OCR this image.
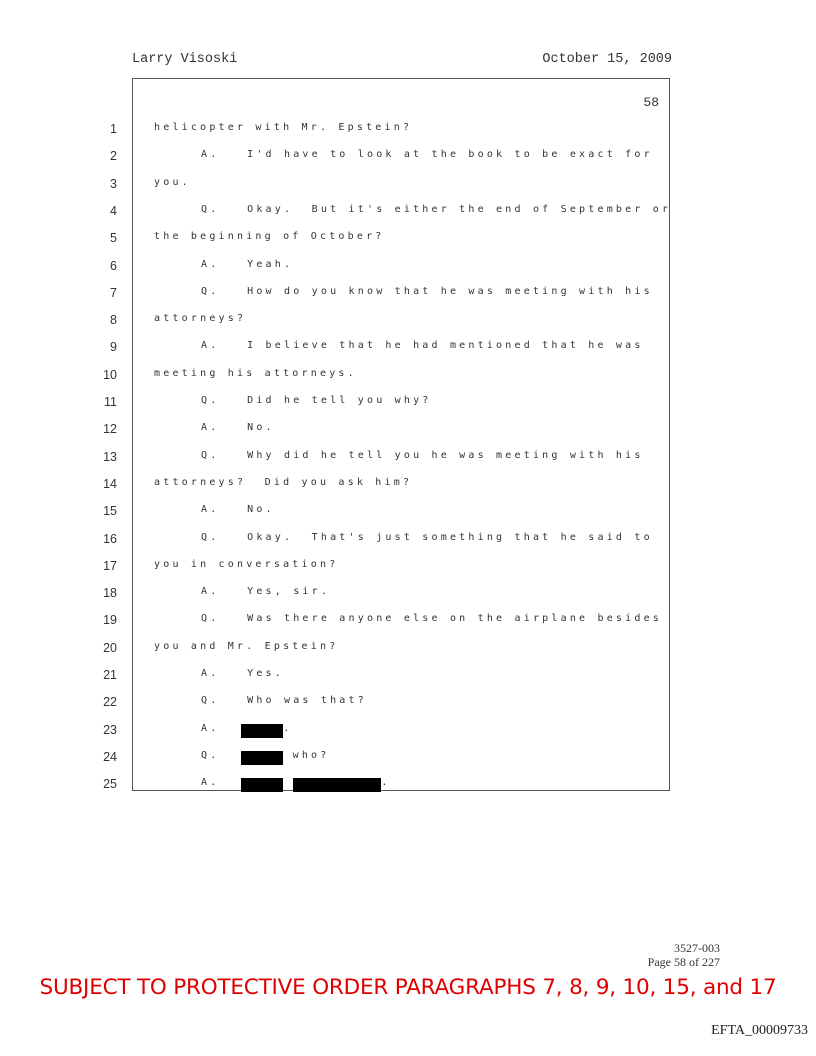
Larry Visoski	October 15, 2009
58
1	helicopter with Mr. Epstein?
2	A.   I'd have to look at the book to be exact for
3	you.
4	Q.   Okay.  But it's either the end of September or
5	the beginning of October?
6	A.   Yeah.
7	Q.   How do you know that he was meeting with his
8	attorneys?
9	A.   I believe that he had mentioned that he was
10	meeting his attorneys.
11	Q.   Did he tell you why?
12	A.   No.
13	Q.   Why did he tell you he was meeting with his
14	attorneys?  Did you ask him?
15	A.   No.
16	Q.   Okay.  That's just something that he said to
17	you in conversation?
18	A.   Yes, sir.
19	Q.   Was there anyone else on the airplane besides
20	you and Mr. Epstein?
21	A.   Yes.
22	Q.   Who was that?
23	A.	.
24	Q.	who?
25	A.	.
3527-003
Page 58 of 227
SUBJECT TO PROTECTIVE ORDER PARAGRAPHS 7, 8, 9, 10, 15, and 17
EFTA_00009733
